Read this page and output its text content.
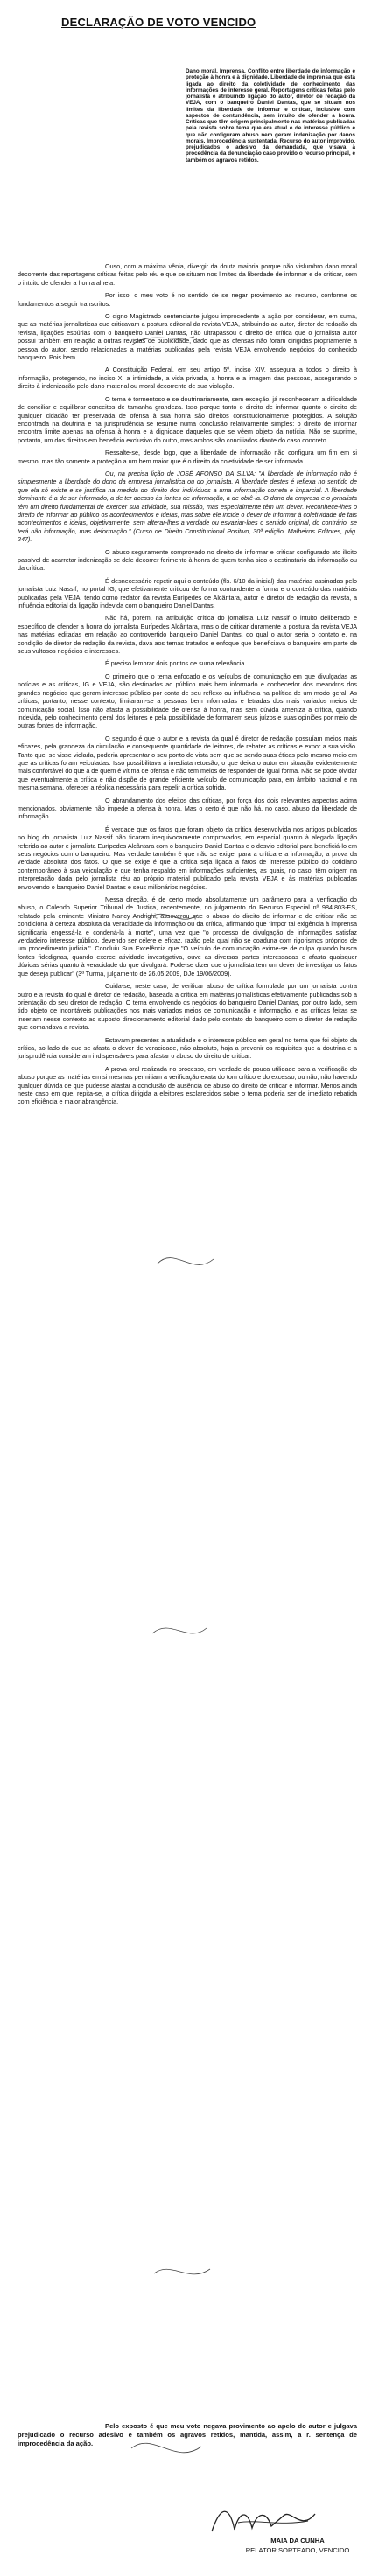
DECLARAÇÃO DE VOTO VENCIDO
Dano moral. Imprensa. Conflito entre liberdade de informação e proteção à honra e à dignidade. Liberdade de imprensa que está ligada ao direito da coletividade de conhecimento das informações de interesse geral. Reportagens críticas feitas pelo jornalista e atribuindo ligação do autor, diretor de redação da VEJA, com o banqueiro Daniel Dantas, que se situam nos limites da liberdade de informar e criticar, inclusive com aspectos de contundência, sem intuito de ofender a honra. Críticas que têm origem principalmente nas matérias publicadas pela revista sobre tema que era atual e de interesse público e que não configuram abuso nem geram indenização por danos morais. Improcedência sustentada. Recurso do autor improvido, prejudicados o adesivo da demandada, que visava à procedência da denunciação caso provido o recurso principal, e também os agravos retidos.

Ouso, com a máxima vênia, divergir da douta maioria porque não vislumbro dano moral decorrente das reportagens críticas feitas pelo réu e que se situam nos limites da liberdade de informar e de criticar, sem o intuito de ofender a honra alheia.

Por isso, o meu voto é no sentido de se negar provimento ao recurso, conforme os fundamentos a seguir transcritos.

O cigno Magistrado sentenciante julgou improcedente a ação por considerar, em suma, que as matérias jornalísticas que criticavam a postura editorial da revista VEJA, atribuindo ao autor, diretor de redação da revista, ligações espúrias com o banqueiro Daniel Dantas, não ultrapassou o direito de crítica que o jornalista autor possui também em relação a outras revistas de publicidade, dado que as ofensas não foram dirigidas propriamente a pessoa do autor, sendo relacionadas a matérias publicadas pela revista VEJA envolvendo negócios do conhecido banqueiro. Pois bem.

A Constituição Federal, em seu artigo 5º, inciso XIV, assegura a todos o direito à informação, protegendo, no inciso X, a intimidade, a vida privada, a honra e a imagem das pessoas, assegurando o direito à indenização pelo dano material ou moral decorrente de sua violação.

O tema é tormentoso e se doutrinariamente, sem exceção, já reconheceram a dificuldade de conciliar e equilibrar conceitos de tamanha grandeza. Isso porque tanto o direito de informar quanto o direito de qualquer cidadão ter preservada de ofensa à sua honra são direitos constitucionalmente protegidos. A solução encontrada na doutrina e na jurisprudência se resume numa conclusão relativamente simples: o direito de informar encontra limite apenas na ofensa à honra e à dignidade daqueles que se vêem objeto da notícia. Não se suprime, portanto, um dos direitos em benefício exclusivo do outro, mas ambos são conciliados diante do caso concreto.

Ressalte-se, desde logo, que a liberdade de informação não configura um fim em si mesmo, mas tão somente a proteção a um bem maior que é o direito da coletividade de ser informada.

Ou, na precisa lição de JOSÉ AFONSO DA SILVA: "A liberdade de informação não é simplesmente a liberdade do dono da empresa jornalística ou do jornalista. A liberdade destes é reflexa no sentido de que ela só existe e se justifica na medida do direito dos indivíduos a uma informação correta e imparcial. A liberdade dominante é a de ser informado, a de ter acesso às fontes de informação, a de obtê-la. O dono da empresa e o jornalista têm um direito fundamental de exercer sua atividade, sua missão, mas especialmente têm um dever. Reconhece-lhes o direito de informar ao público os acontecimentos e ideias, mas sobre ele incide o dever de informar à coletividade de tais acontecimentos e ideias, objetivamente, sem alterar-lhes a verdade ou esvaziar-lhes o sentido original, do contrário, se terá não informação, mas deformação." (Curso de Direito Constitucional Positivo, 30ª edição, Malheiros Editores, pág. 247).

O abuso seguramente comprovado no direito de informar e criticar configurado ato ilícito passível de acarretar indenização se dele decorrer ferimento à honra de quem tenha sido o destinatário da informação ou da crítica.

É desnecessário repetir aqui o conteúdo (fls. 6/10 da inicial) das matérias assinadas pelo jornalista Luiz Nassif, no portal IG, que efetivamente criticou de forma contundente a forma e o conteúdo das matérias publicadas pela VEJA, tendo como redator da revista Eurípedes de Alcântara, autor e diretor de redação da revista, a influência editorial da ligação indevida com o banqueiro Daniel Dantas.

Não há, porém, na atribuição crítica do jornalista Luiz Nassif o intuito deliberado e específico de ofender a honra do jornalista Eurípedes Alcântara, mas o de criticar duramente a postura da revista VEJA nas matérias editadas em relação ao controvertido banqueiro Daniel Dantas, do qual o autor seria o contato e, na condição de diretor de redação da revista, dava aos temas tratados e enfoque que beneficiava o banqueiro em parte de seus vultosos negócios e interesses.

É preciso lembrar dois pontos de suma relevância.

O primeiro que o tema enfocado e os veículos de comunicação em que divulgadas as notícias e as críticas, IG e VEJA, são destinados ao público mais bem informado e conhecedor dos meandros dos grandes negócios que geram interesse público por conta de seu reflexo ou influência na política de um modo geral. As críticas, portanto, nesse contexto, limitaram-se a pessoas bem informadas e letradas dos mais variados meios de comunicação social. Isso não afasta a possibilidade de ofensa à honra, mas sem dúvida ameniza a crítica, quando indevida, pelo conhecimento geral dos leitores e pela possibilidade de formarem seus juízos e suas opiniões por meio de outras fontes de informação.

O segundo é que o autor e a revista da qual é diretor de redação possuíam meios mais eficazes, pela grandeza da circulação e consequente quantidade de leitores, de rebater as críticas e expor a sua visão. Tanto que, se visse violada, poderia apresentar o seu ponto de vista sem que se sendo suas éticas pelo mesmo meio em que as críticas foram veiculadas. Isso possibilitava a imediata retorsão, o que deixa o autor em situação evidentemente mais confortável do que a de quem é vítima de ofensa e não tem meios de responder de igual forma. Não se pode olvidar que eventualmente a crítica e não dispõe de grande eficiente veículo de comunicação para, em âmbito nacional e na mesma semana, oferecer a réplica necessária para repelir a crítica sofrida.

O abrandamento dos efeitos das críticas, por força dos dois relevantes aspectos acima mencionados, obviamente não impede a ofensa à honra. Mas o certo é que não há, no caso, abuso da liberdade de informação.

É verdade que os fatos que foram objeto da crítica desenvolvida nos artigos publicados no blog do jornalista Luiz Nassif não ficaram inequivocamente comprovados, em especial quanto à alegada ligação referida ao autor e jornalista Eurípedes Alcântara com o banqueiro Daniel Dantas e o desvio editorial para beneficiá-lo em seus negócios com o banqueiro. Mas verdade também é que não se exige, para a crítica e a informação, a prova da verdade absoluta dos fatos. O que se exige é que a crítica seja ligada a fatos de interesse público do cotidiano contemporâneo à sua veiculação e que tenha respaldo em informações suficientes, as quais, no caso, têm origem na interpretação dada pelo jornalista réu ao próprio material publicado pela revista VEJA e às matérias publicadas envolvendo o banqueiro Daniel Dantas e seus milionários negócios.

Nessa direção, é de certo modo absolutamente um parâmetro para a verificação do abuso, o Colendo Superior Tribunal de Justiça, recentemente, no julgamento do Recurso Especial nº 984.803-ES, relatado pela eminente Ministra Nancy Andrighi, asseverou que o abuso do direito de informar e de criticar não se condiciona à certeza absoluta da veracidade da informação ou da crítica, afirmando que "impor tal exigência à imprensa significaria engessá-la e condená-la à morte", uma vez que "o processo de divulgação de informações satisfaz verdadeiro interesse público, devendo ser célere e eficaz, razão pela qual não se coaduna com rigorismos próprios de um procedimento judicial". Concluiu Sua Excelência que "O veículo de comunicação exime-se de culpa quando busca fontes fidedignas, quando exerce atividade investigativa, ouve as diversas partes interessadas e afasta quaisquer dúvidas sérias quanto à veracidade do que divulgará. Pode-se dizer que o jornalista tem um dever de investigar os fatos que deseja publicar" (3ª Turma, julgamento de 26.05.2009, DJe 19/06/2009).

Cuida-se, neste caso, de verificar abuso de crítica formulada por um jornalista contra outro e a revista do qual é diretor de redação, baseada a crítica em matérias jornalísticas efetivamente publicadas sob a orientação do seu diretor de redação. O tema envolvendo os negócios do banqueiro Daniel Dantas, por outro lado, sem tido objeto de incontáveis publicações nos mais variados meios de comunicação e informação, e as críticas feitas se inseriam nesse contexto ao suposto direcionamento editorial dado pelo contato do banqueiro com o diretor de redação que comandava a revista.

Estavam presentes a atualidade e o interesse público em geral no tema que foi objeto da crítica, ao lado do que se afasta o dever de veracidade, não absoluto, haja a prevenir os requisitos que a doutrina e a jurisprudência consideram indispensáveis para afastar o abuso do direito de criticar.

A prova oral realizada no processo, em verdade de pouca utilidade para a verificação do abuso porque as matérias em si mesmas permitiam a verificação exata do tom crítico e do excesso, ou não, não havendo qualquer dúvida de que pudesse afastar a conclusão de ausência de abuso do direito de criticar e informar. Menos ainda neste caso em que, repita-se, a crítica dirigida a eleitores esclarecidos sobre o tema poderia ser de imediato rebatida com eficiência e maior abrangência.

Pelo exposto é que meu voto negava provimento ao apelo do autor e julgava prejudicado o recurso adesivo e também os agravos retidos, mantida, assim, a r. sentença de improcedência da ação.

MAIA DA CUNHA
RELATOR SORTEADO, VENCIDO
